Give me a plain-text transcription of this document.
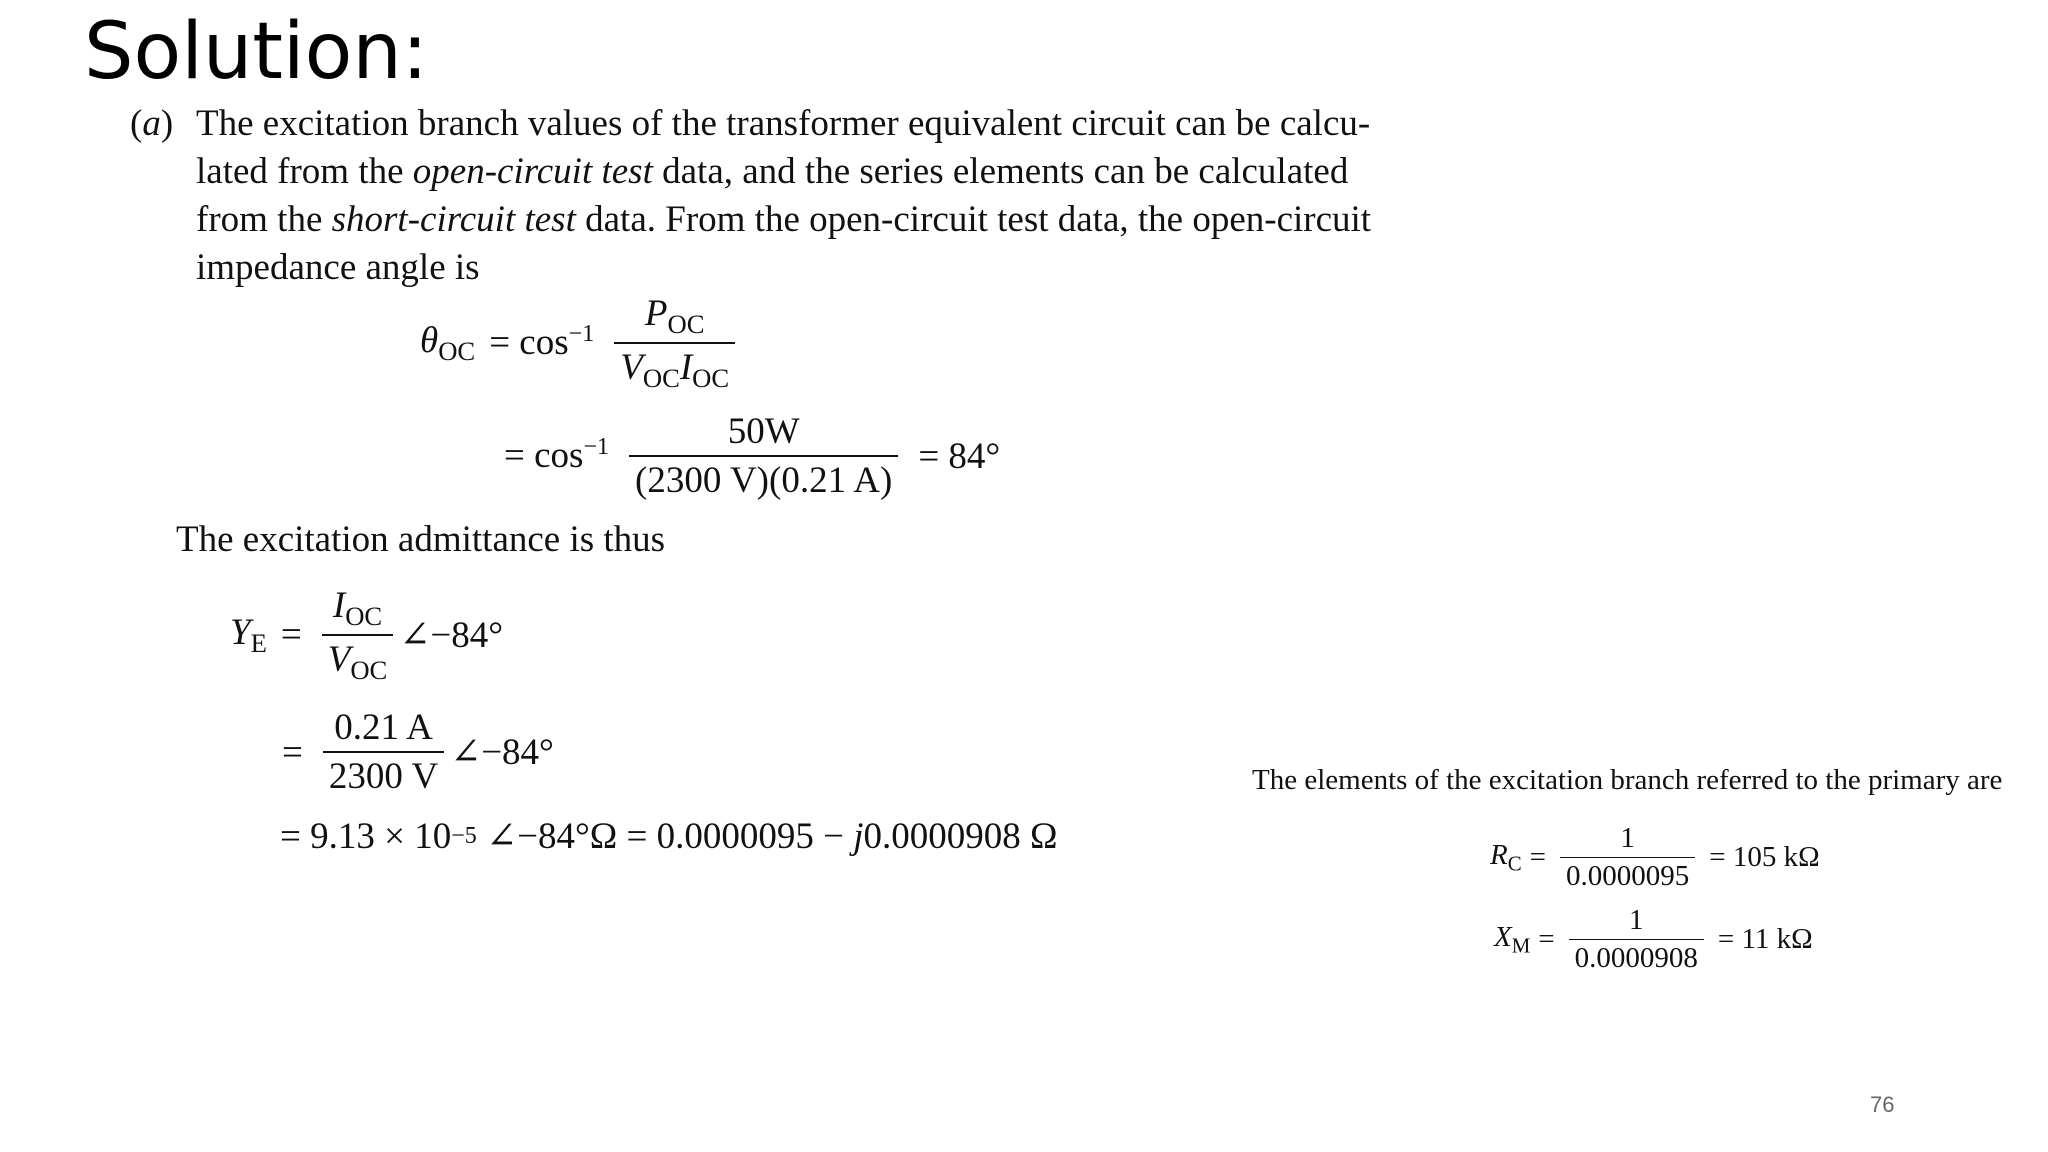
Solution:
(a) The excitation branch values of the transformer equivalent circuit can be calcu-
lated from the open-circuit test data, and the series elements can be calculated
from the short-circuit test data. From the open-circuit test data, the open-circuit
impedance angle is
$\theta_{OC} = \cos^{-1} \frac{P_{OC}}{V_{OC}I_{OC}}$
= $\cos^{-1} \frac{50W}{(2300 V)(0.21 A)} = 84^\circ$
The excitation admittance is thus
$Y_E = \frac{I_{OC}}{V_{OC}}$ ∠−84°
= $\frac{0.21 A}{2300 V}$ ∠−84°
= 9.13 × 10 −5 ∠−84°Ω = 0.0000095 − j 0.0000908 Ω
The elements of the excitation branch referred to the primary are
$R_C = \frac{1}{0.0000095} = 105$ kΩ
$X_M = \frac{1}{0.0000908} = 11$ kΩ
76
